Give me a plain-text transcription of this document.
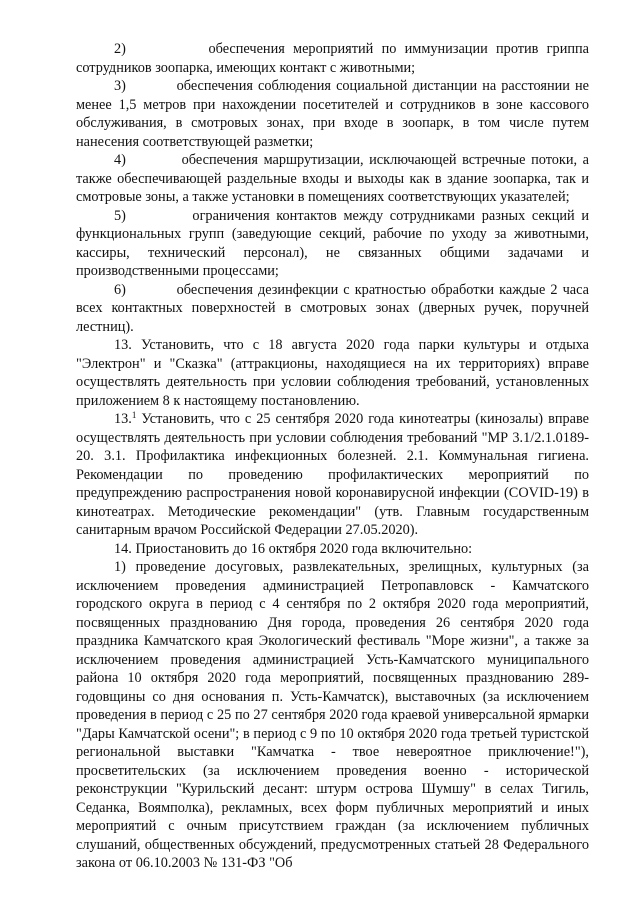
2)          обеспечения мероприятий по иммунизации против гриппа сотрудников зоопарка, имеющих контакт с животными;

3)          обеспечения соблюдения социальной дистанции на расстоянии не менее 1,5 метров при нахождении посетителей и сотрудников в зоне кассового обслуживания, в смотровых зонах, при входе в зоопарк, в том числе путем нанесения соответствующей разметки;

4)          обеспечения маршрутизации, исключающей встречные потоки, а также обеспечивающей раздельные входы и выходы как в здание зоопарка, так и смотровые зоны, а также установки в помещениях соответствующих указателей;

5)          ограничения контактов между сотрудниками разных секций и функциональных групп (заведующие секций, рабочие по уходу за животными, кассиры, технический персонал), не связанных общими задачами и производственными процессами;

6)          обеспечения дезинфекции с кратностью обработки каждые 2 часа всех контактных поверхностей в смотровых зонах (дверных ручек, поручней лестниц).

13. Установить, что с 18 августа 2020 года парки культуры и отдыха "Электрон" и "Сказка" (аттракционы, находящиеся на их территориях) вправе осуществлять деятельность при условии соблюдения требований, установленных приложением 8 к настоящему постановлению.

13.$^1$ Установить, что с 25 сентября 2020 года кинотеатры (кинозалы) вправе осуществлять деятельность при условии соблюдения требований "МР 3.1/2.1.0189-20. 3.1. Профилактика инфекционных болезней. 2.1. Коммунальная гигиена. Рекомендации по проведению профилактических мероприятий по предупреждению распространения новой коронавирусной инфекции (COVID-19) в кинотеатрах. Методические рекомендации" (утв. Главным государственным санитарным врачом Российской Федерации 27.05.2020).

14. Приостановить до 16 октября 2020 года включительно:

1) проведение досуговых, развлекательных, зрелищных, культурных (за исключением проведения администрацией Петропавловск - Камчатского городского округа в период с 4 сентября по 2 октября 2020 года мероприятий, посвященных празднованию Дня города, проведения 26 сентября 2020 года праздника Камчатского края Экологический фестиваль "Море жизни", а также за исключением проведения администрацией Усть-Камчатского муниципального района 10 октября 2020 года мероприятий, посвященных празднованию 289-годовщины со дня основания п. Усть-Камчатск), выставочных (за исключением проведения в период с 25 по 27 сентября 2020 года краевой универсальной ярмарки "Дары Камчатской осени"; в период с 9 по 10 октября 2020 года третьей туристской региональной выставки "Камчатка - твое невероятное приключение!"), просветительских (за исключением проведения военно - исторической реконструкции "Курильский десант: штурм острова Шумшу" в селах Тигиль, Седанка, Воямполка), рекламных, всех форм публичных мероприятий и иных мероприятий с очным присутствием граждан (за исключением публичных слушаний, общественных обсуждений, предусмотренных статьей 28 Федерального закона от 06.10.2003 № 131-ФЗ "Об
